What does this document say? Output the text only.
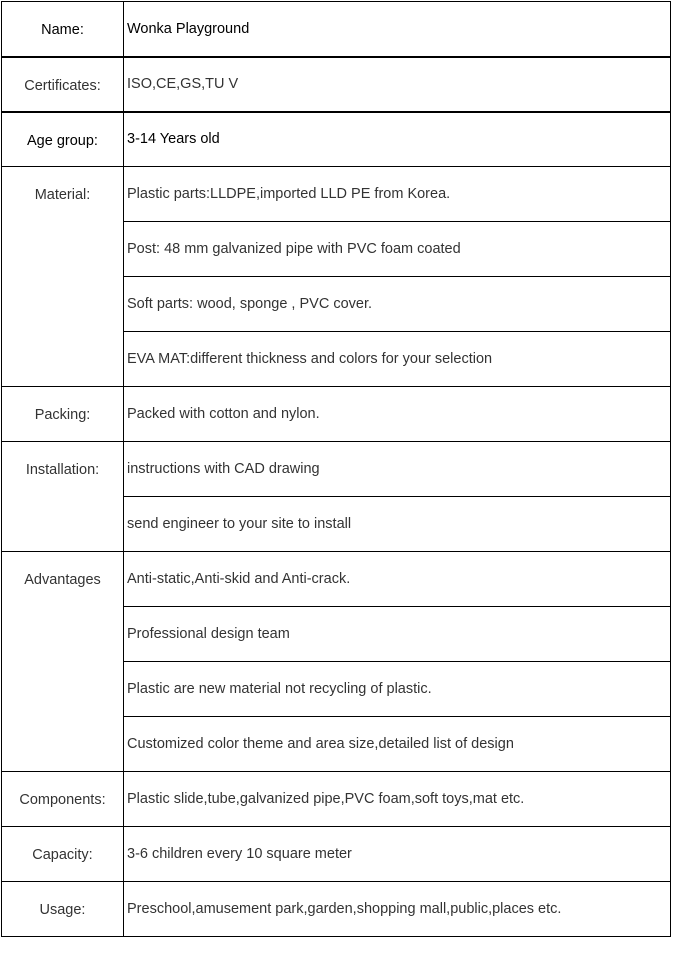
Name:	Wonka Playground
Certificates:	ISO,CE,GS,TU V
Age group:	3-14 Years old
Material:	Plastic parts:LLDPE,imported LLD PE from Korea.
	Post: 48 mm galvanized pipe with PVC foam coated
	Soft parts: wood, sponge , PVC cover.
	EVA MAT:different thickness and colors for your selection
Packing:	Packed with cotton and nylon.
Installation:	instructions with CAD drawing
	send engineer to your site to install
Advantages	Anti-static,Anti-skid and Anti-crack.
	Professional design team
	Plastic are new material not recycling of plastic.
	Customized color theme and area size,detailed list of design
Components:	Plastic slide,tube,galvanized pipe,PVC foam,soft toys,mat etc.
Capacity:	3-6 children every 10 square meter
Usage:	Preschool,amusement park,garden,shopping mall,public,places etc.
